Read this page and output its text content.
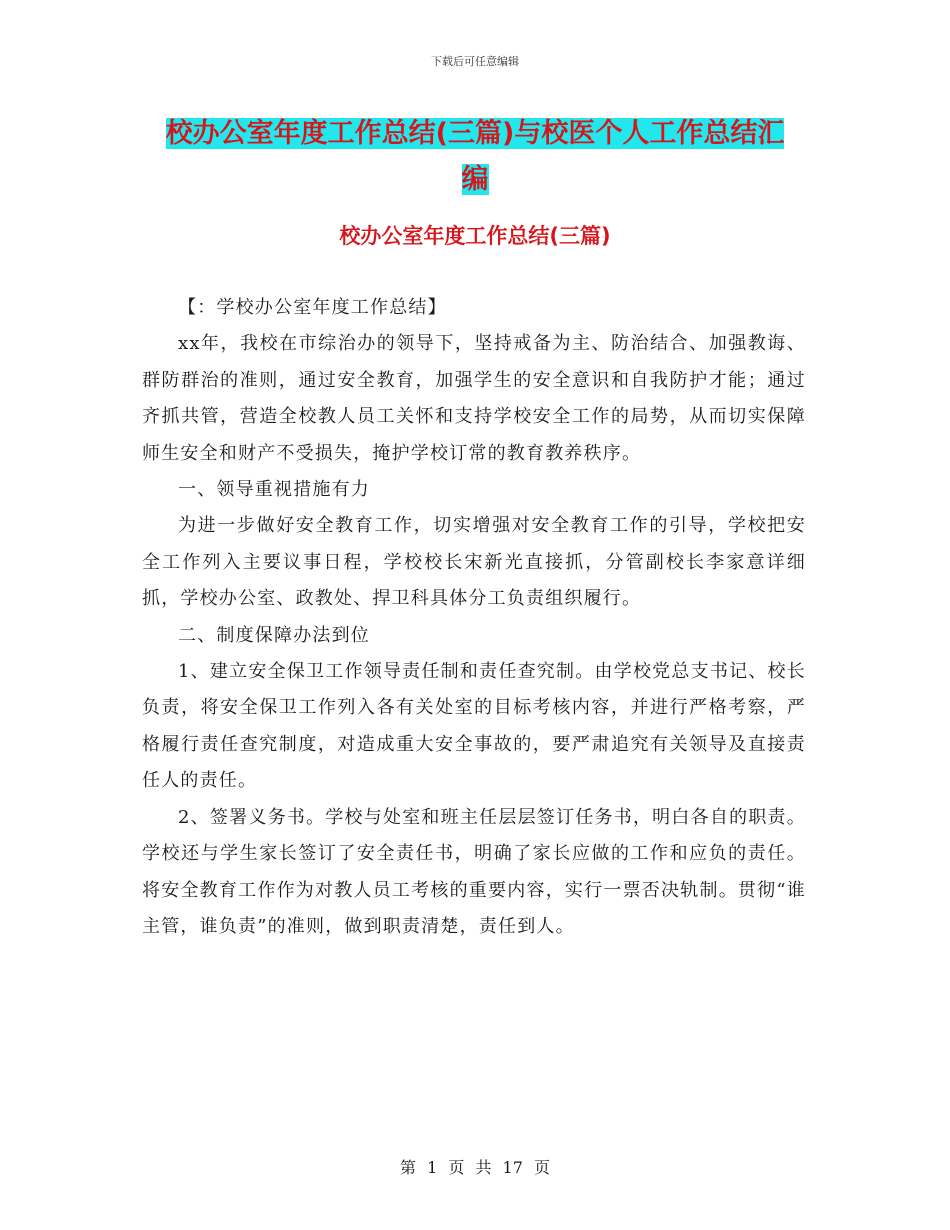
下载后可任意编辑
校办公室年度工作总结(三篇)与校医个人工作总结汇
编
校办公室年度工作总结(三篇)

【：学校办公室年度工作总结】

xx年，我校在市综治办的领导下，坚持戒备为主、防治结合、加强教诲、群防群治的准则，通过安全教育，加强学生的安全意识和自我防护才能；通过齐抓共管，营造全校教人员工关怀和支持学校安全工作的局势，从而切实保障师生安全和财产不受损失，掩护学校订常的教育教养秩序。

一、领导重视措施有力

为进一步做好安全教育工作，切实增强对安全教育工作的引导，学校把安全工作列入主要议事日程，学校校长宋新光直接抓，分管副校长李家意详细抓，学校办公室、政教处、捍卫科具体分工负责组织履行。

二、制度保障办法到位

1、建立安全保卫工作领导责任制和责任查究制。由学校党总支书记、校长负责，将安全保卫工作列入各有关处室的目标考核内容，并进行严格考察，严格履行责任查究制度，对造成重大安全事故的，要严肃追究有关领导及直接责任人的责任。

2、签署义务书。学校与处室和班主任层层签订任务书，明白各自的职责。学校还与学生家长签订了安全责任书，明确了家长应做的工作和应负的责任。将安全教育工作作为对教人员工考核的重要内容，实行一票否决轨制。贯彻“谁主管，谁负责”的准则，做到职责清楚，责任到人。

第 1 页 共 17 页
